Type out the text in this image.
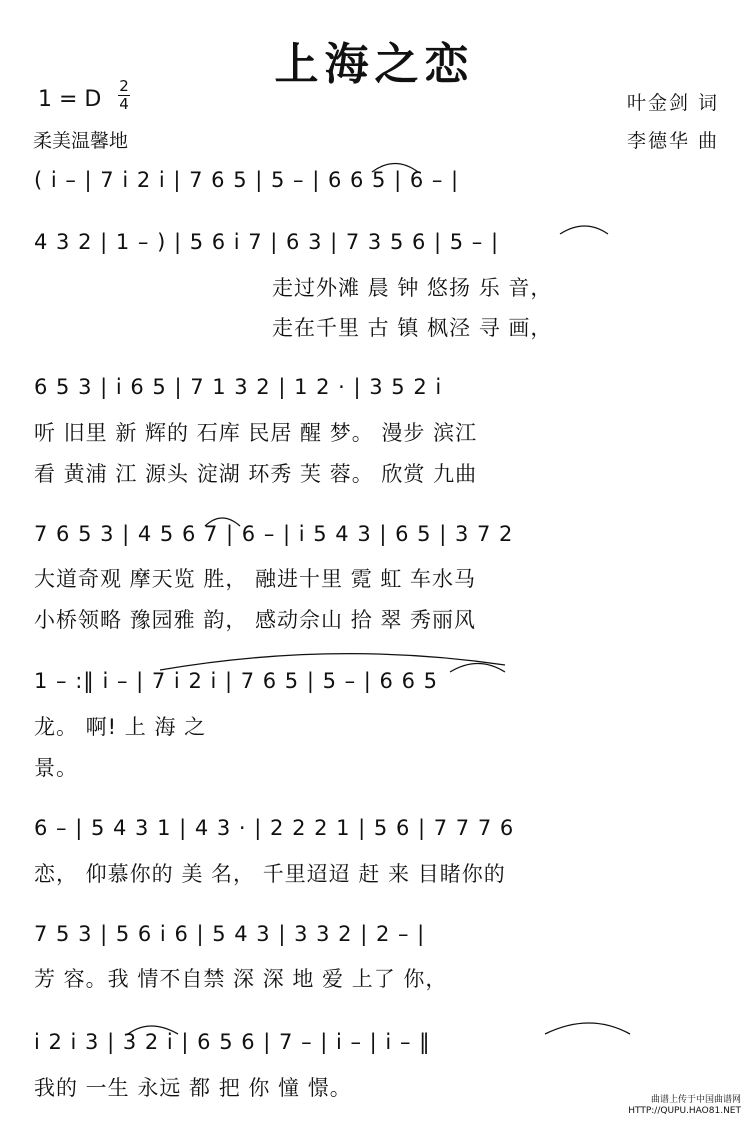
上海之恋
1 = D
2
4
柔美温馨地
叶金剑 词
李德华 曲
( i – | 7 i 2 i | 7 6 5 | 5 – | 6 6 5 | 6 – |
4 3 2 | 1 – ) | 5 6 i 7 | 6 3 | 7 3 5 6 | 5 – |
走过外滩 晨 钟 悠扬 乐 音，
走在千里 古 镇 枫泾 寻 画，
6 5 3 | i 6 5 | 7 1 3 2 | 1 2 · | 3 5 2 i
听 旧里 新 辉的 石库 民居 醒 梦。 漫步 滨江
看 黄浦 江 源头 淀湖 环秀 芙 蓉。 欣赏 九曲
7 6 5 3 | 4 5 6 7 | 6 – | i 5 4 3 | 6 5 | 3 7 2
大道奇观 摩天览 胜， 融进十里 霓 虹 车水马
小桥领略 豫园雅 韵， 感动佘山 拾 翠 秀丽风
1 – :‖ i – | 7 i 2 i | 7 6 5 | 5 – | 6 6 5
龙。 啊! 上 海 之
景。
6 – | 5 4 3 1 | 4 3 · | 2 2 2 1 | 5 6 | 7 7 7 6
恋， 仰慕你的 美 名， 千里迢迢 赶 来 目睹你的
7 5 3 | 5 6 i 6 | 5 4 3 | 3 3 2 | 2 – |
芳 容。我 情不自禁 深 深 地 爱 上了 你，
i 2 i 3 | 3 2 i | 6 5 6 | 7 – | i – | i – ‖
我的 一生 永远 都 把 你 憧 憬。	曲谱上传于中国曲谱网
HTTP://QUPU.HAO81.NET
